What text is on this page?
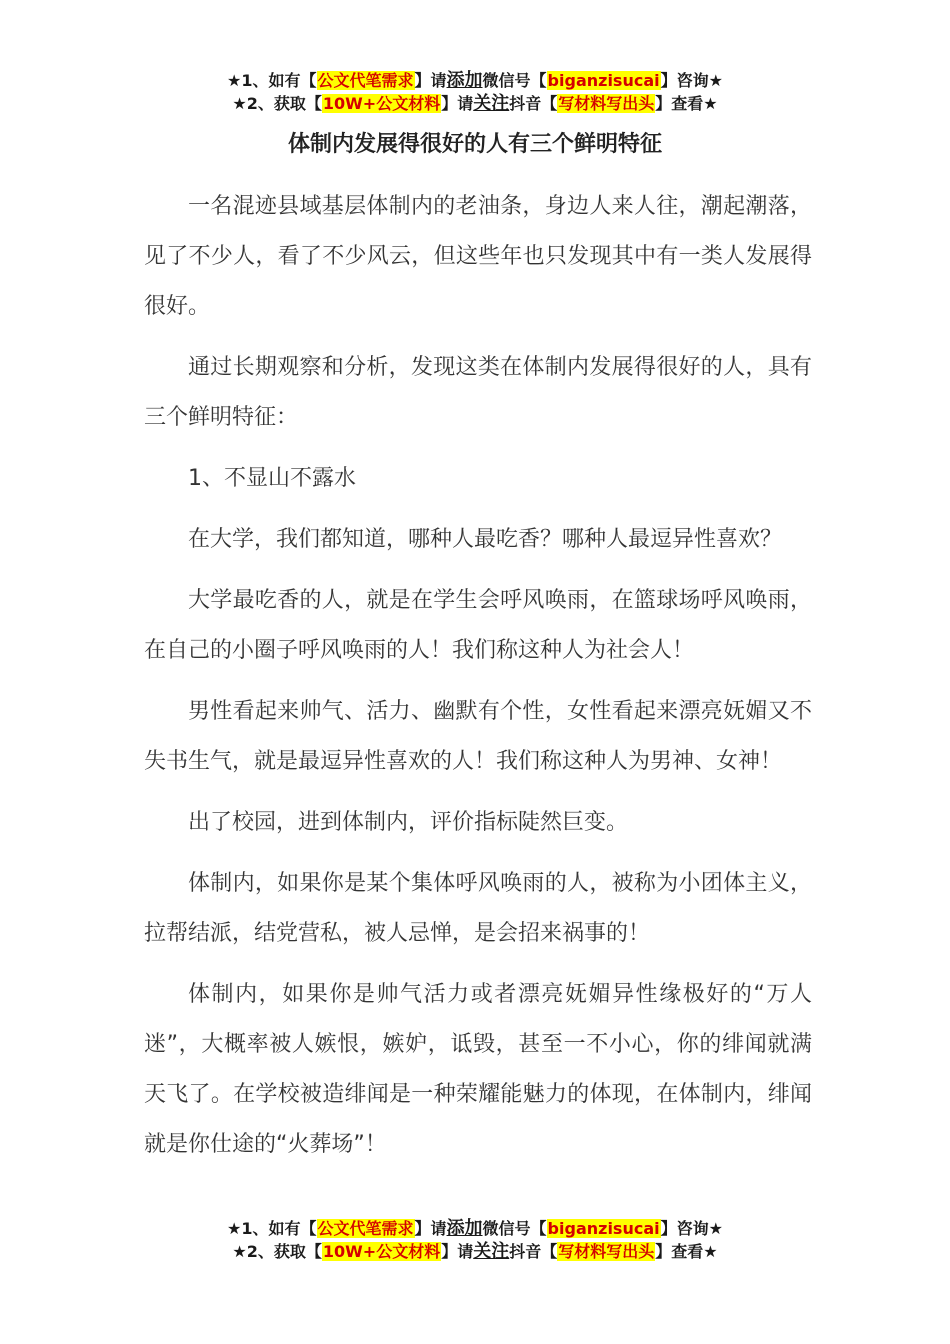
★1、如有【公文代笔需求】请添加微信号【biganzisucai】咨询★
★2、获取【10W+公文材料】请关注抖音【写材料写出头】查看★
体制内发展得很好的人有三个鲜明特征

一名混迹县域基层体制内的老油条，身边人来人往，潮起潮落，见了不少人，看了不少风云，但这些年也只发现其中有一类人发展得很好。

通过长期观察和分析，发现这类在体制内发展得很好的人，具有三个鲜明特征：

1、不显山不露水

在大学，我们都知道，哪种人最吃香？哪种人最逗异性喜欢？

大学最吃香的人，就是在学生会呼风唤雨，在篮球场呼风唤雨，在自己的小圈子呼风唤雨的人！我们称这种人为社会人！

男性看起来帅气、活力、幽默有个性，女性看起来漂亮妩媚又不失书生气，就是最逗异性喜欢的人！我们称这种人为男神、女神！

出了校园，进到体制内，评价指标陡然巨变。

体制内，如果你是某个集体呼风唤雨的人，被称为小团体主义，拉帮结派，结党营私，被人忌惮，是会招来祸事的！

体制内，如果你是帅气活力或者漂亮妩媚异性缘极好的“万人迷”，大概率被人嫉恨，嫉妒，诋毁，甚至一不小心，你的绯闻就满天飞了。在学校被造绯闻是一种荣耀能魅力的体现，在体制内，绯闻就是你仕途的“火葬场”！

★1、如有【公文代笔需求】请添加微信号【biganzisucai】咨询★
★2、获取【10W+公文材料】请关注抖音【写材料写出头】查看★
